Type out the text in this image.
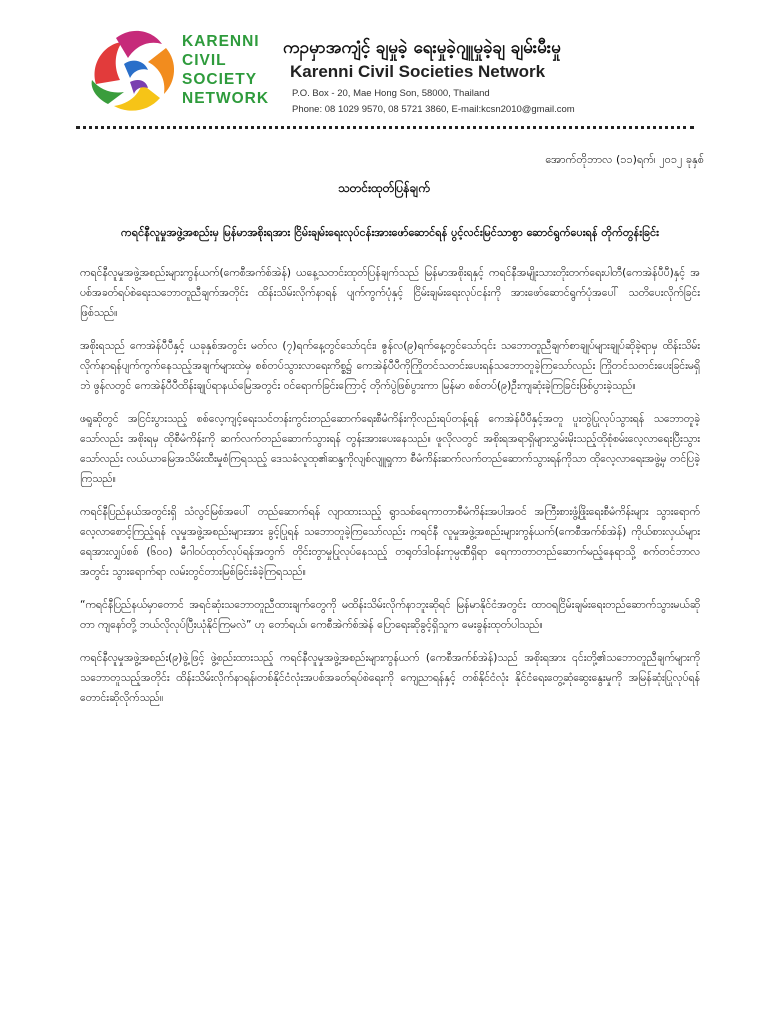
KARENNI
CIVIL
SOCIETY
NETWORK
ကၣမှာအကျံင့် ချမှုခဲ့ ရေးမှုခဲ့ဂျူမှုခဲ့ချ ချမ်းမီးမှု
Karenni Civil Societies Network
P.O. Box - 20, Mae Hong Son, 58000, Thailand
Phone: 08 1029 9570, 08 5721 3860, E-mail:kcsn2010@gmail.com
အောက်တိုဘာလ (၁၁)ရက်၊ ၂၀၁၂ ခုနှစ်
သတင်းထုတ်ပြန်ချက်
ကရင်နီလူမှုအဖွဲ့အစည်းမှ မြန်မာအစိုးရအား ငြိမ်းချမ်းရေးလုပ်ငန်းအားဖော်ဆောင်ရန် ပွင့်လင်းမြင်သာစွာ ဆောင်ရွက်ပေးရန် တိုက်တွန်းခြင်း

ကရင်နီလူမှုအဖွဲ့အစည်းများကွန်ယက်(ကေစီအက်စ်အဲန်) ယနေ့သတင်းထုတ်ပြန်ချက်သည် မြန်မာအစိုးရနှင့် ကရင်နီအမျိုးသားတိုးတက်ရေးပါတီ(ကေအဲန်ပီပီ)နှင့် အပစ်အခတ်ရပ်စဲရေးသဘောတူညီချက်အတိုင်း ထိန်းသိမ်းလိုက်နာရန် ပျက်ကွက်ပုံနှင့် ငြိမ်းချမ်းရေးလုပ်ငန်းကို အားဖော်ဆောင်ရွက်ပုံအပေါ် သတိပေးလိုက်ခြင်းဖြစ်သည်။

အစိုးရသည် ကေအဲန်ပီပီနှင့် ယခုနှစ်အတွင်း မတ်လ (၇)ရက်နေ့တွင်သော်၎င်း၊ ဇွန်လ(၉)ရက်နေ့တွင်သော်၎င်း သဘောတူညီချက်စာချုပ်များချုပ်ဆိုခဲ့ရာမှ ထိန်းသိမ်းလိုက်နာရန်ပျက်ကွက်နေသည့်အချက်များထဲမှ စစ်တပ်သွားလာရေးကိစ္စ၌ ကေအဲန်ပီပီကိုကြိုတင်သတင်းပေးရန်သဘောတူခဲ့ကြသော်လည်း ကြိုတင်သတင်းပေးခြင်းမရှိဘဲ ဖွန်လတွင် ကေအဲန်ပီပီထိန်းချုပ်ရာနယ်မြေအတွင်း ဝင်ရောက်ခြင်းကြောင့် တိုက်ပွဲဖြစ်ပွားကာ မြန်မာ စစ်တပ်(၉)ဦးကျဆုံးခဲ့ကြခြင်းဖြစ်ပွားခဲ့သည်။

ဖရူဆိုတွင် အငြင်းပွားသည့် စစ်လေ့ကျင့်ရေးသင်တန်းကွင်းတည်ဆောက်ရေးစီမံကိန်းကိုလည်းရပ်တန့်ရန် ကေအဲန်ပီပီနှင့်အတူ ပူးတွဲပြုလုပ်သွားရန် သဘောတူခဲ့သော်လည်း အစိုးရမှ ထိုစီမံကိန်းကို ဆက်လက်တည်ဆောက်သွားရန် တွန်းအားပေးနေသည်။ ဖူလိုလတွင် အစိုးရအရာရှိများလွှမ်းမိုးသည့်ထိုစုံစမ်းလေ့လာရေးပြီးသွားသော်လည်း လယ်ယာမြေအသိမ်းထီးမှုစံကြရသည့် ဒေသခံလူထု၏ဆန္ဒကိုလျစ်လျူရှုကာ စီမံကိန်းဆက်လက်တည်ဆောက်သွားရန်ကိုသာ ထိုလေ့လာရေးအဖွဲ့မှ တင်ပြခဲ့ကြသည်။

ကရင်နီပြည်နယ်အတွင်းရှိ သံလွင်မြစ်အပေါ် တည်ဆောက်ရန် လျာထားသည့် ရွာသစ်ရေကာတာစီမံကိန်းအပါအဝင် အကြီးစားဖွံ့ဖြိုးရေးစီမံကိန်းများ သွားရောက် လေ့လာစောင့်ကြည့်ရန် လူမှုအဖွဲ့အစည်းများအား ခွင့်ပြုရန် သဘောတူခဲ့ကြသော်လည်း ကရင်နီ လူမှုအဖွဲ့အစည်းများကွန်ယက်(ကေစီအက်စ်အဲန်) ကိုယ်စားလှယ်များ ရေအားလျှပ်စစ် (၆၀၀) မီဂါဝပ်ထုတ်လုပ်ရန်အတွက် တိုင်းတွာမှုပြုလုပ်နေသည့် တရုတ်ဒါဝန်းကုမ္ပဏီရှိရာ ရေကာတာတည်ဆောက်မည့်နေရာသို့ စက်တင်ဘာလအတွင်း သွားရောက်ရာ လမ်းတွင်တားမြစ်ခြင်းခံခဲ့ကြရသည်။

“ကရင်နီပြည်နယ်မှာတောင် အရင်ဆုံးသဘောတူညီထားချက်တွေကို မထိန်းသိမ်းလိုက်နာဘူးဆိုရင် မြန်မာနိုင်ငံအတွင်း ထာဝရငြိမ်းချမ်းရေးတည်ဆောက်သွားမယ်ဆိုတာ ကျနော်တို့ ဘယ်လိုလုပ်ပြီးယုံနိုင်ကြမလဲ” ဟု တော်ရယ်၊ ကေစီအဲက်စ်အဲန် ပြောရေးဆိုခွင့်ရှိသူက မေးခွန်းထုတ်ပါသည်။

ကရင်နီလူမှုအဖွဲ့အစည်း(၉)ဖွဲ့ဖြင့် ဖွဲ့စည်းထားသည့် ကရင်နီလူမှုအဖွဲ့အစည်းများကွန်ယက် (ကေစီအက်စ်အဲန်)သည် အစိုးရအား ၎င်းတို့၏သဘောတူညီချက်များကို သဘောတူသည့်အတိုင်း ထိန်းသိမ်းလိုက်နာရန်၊တစ်နိုင်ငံလုံးအပစ်အခတ်ရပ်စဲရေးကို ကျေညာရန်နှင့် တစ်နိုင်ငံလုံး နိုင်ငံရေးတွေ့ဆုံဆွေးနွေးမှုကို အမြန်ဆုံးပြုလုပ်ရန် တောင်းဆိုလိုက်သည်။
